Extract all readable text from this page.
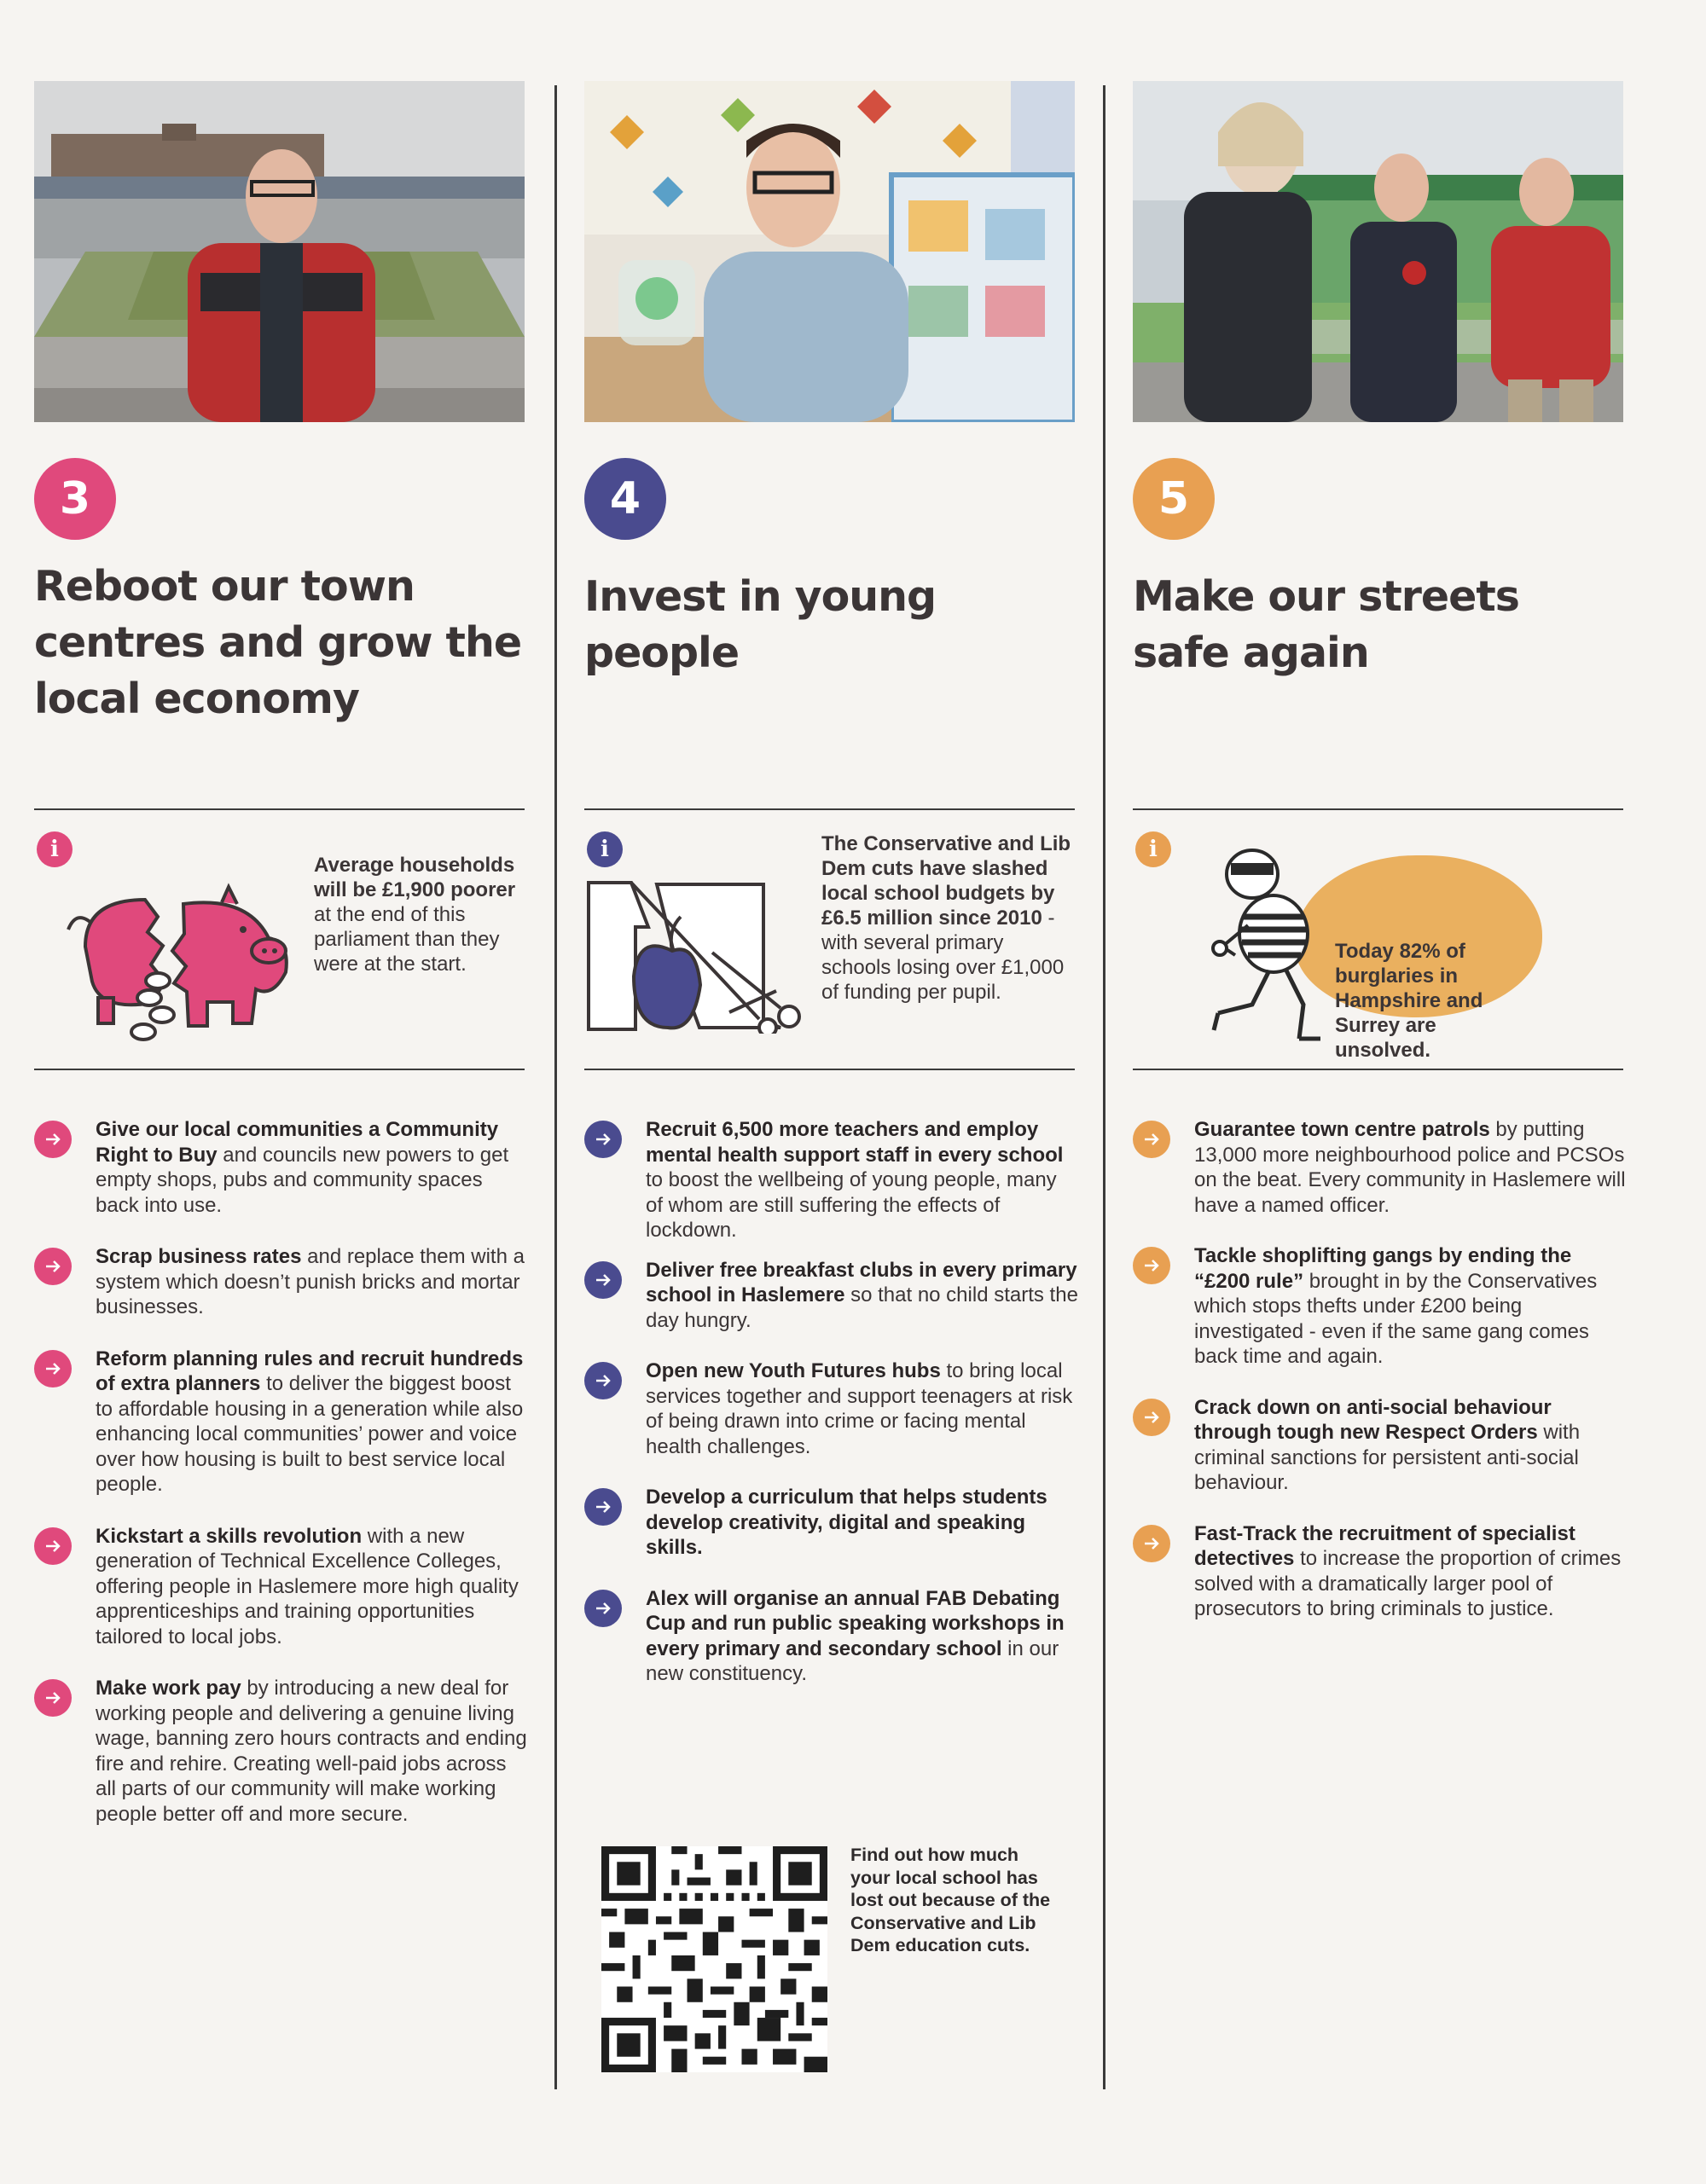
3
Reboot our town
centres and grow the
local economy
i
Average households will be £1,900 poorer at the end of this parliament than they were at the start.
Give our local communities a Community Right to Buy and councils new powers to get empty shops, pubs and community spaces back into use.
Scrap business rates and replace them with a system which doesn’t punish bricks and mortar businesses.
Reform planning rules and recruit hundreds of extra planners to deliver the biggest boost to affordable housing in a generation while also enhancing local communities’ power and voice over how housing is built to best service local people.
Kickstart a skills revolution with a new generation of Technical Excellence Colleges, offering people in Haslemere more high quality apprenticeships and training opportunities tailored to local jobs.
Make work pay by introducing a new deal for working people and delivering a genuine living wage, banning zero hours contracts and ending fire and rehire. Creating well-paid jobs across all parts of our community will make working people better off and more secure.
4
Invest in young
people
i	The Conservative and Lib Dem cuts have slashed local school budgets by £6.5 million since 2010 - with several primary schools losing over £1,000 of funding per pupil.
Recruit 6,500 more teachers and employ mental health support staff in every school to boost the wellbeing of young people, many of whom are still suffering the effects of lockdown.
Deliver free breakfast clubs in every primary school in Haslemere so that no child starts the day hungry.
Open new Youth Futures hubs to bring local services together and support teenagers at risk of being drawn into crime or facing mental health challenges.
Develop a curriculum that helps students develop creativity, digital and speaking skills.
Alex will organise an annual FAB Debating Cup and run public speaking workshops in every primary and secondary school in our new constituency.
Find out how much your local school has lost out because of the Conservative and Lib Dem education cuts.
5
Make our streets
safe again
i
Today 82% of burglaries in Hampshire and Surrey are unsolved.
Guarantee town centre patrols by putting 13,000 more neighbourhood police and PCSOs on the beat. Every community in Haslemere will have a named officer.
Tackle shoplifting gangs by ending the “£200 rule” brought in by the Conservatives which stops thefts under £200 being investigated - even if the same gang comes back time and again.
Crack down on anti-social behaviour through tough new Respect Orders with criminal sanctions for persistent anti-social behaviour.
Fast-Track the recruitment of specialist detectives to increase the proportion of crimes solved with a dramatically larger pool of prosecutors to bring criminals to justice.
